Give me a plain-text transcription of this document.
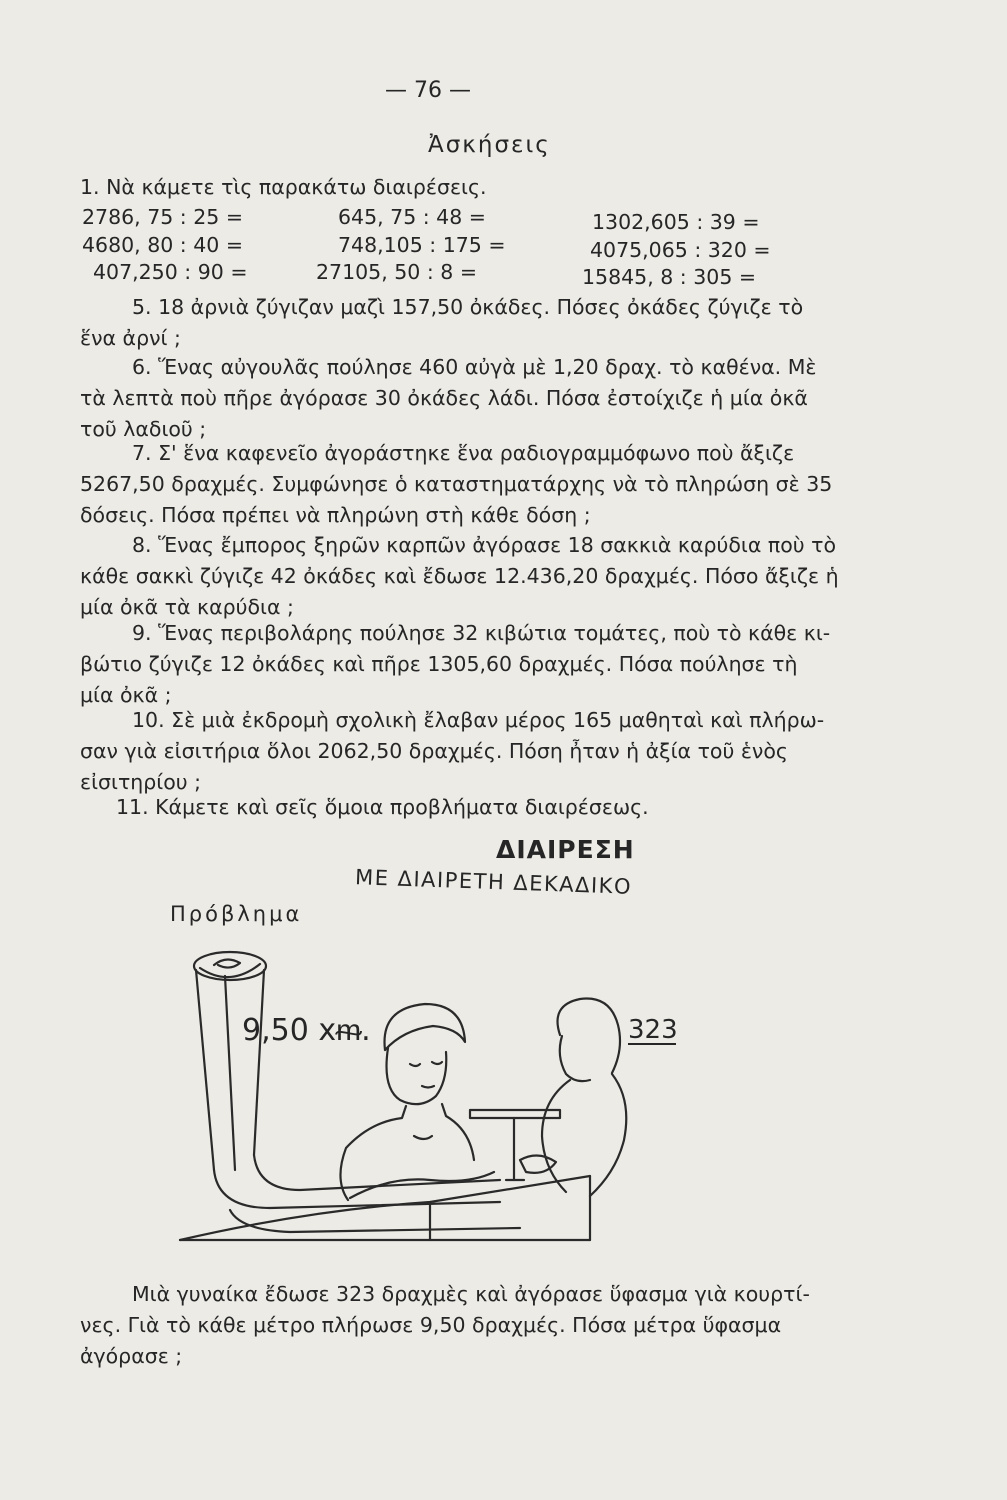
— 76 —
Ἀσκήσεις
1. Νὰ κάμετε τὶς παρακάτω διαιρέσεις.
2786, 75 : 25 =
4680, 80 : 40 =
407,250 : 90 =
645, 75 : 48 =
748,105 : 175 =
27105, 50 : 8 =
1302,605 : 39 =
4075,065 : 320 =
15845, 8 : 305 =
5. 18 ἀρνιὰ ζύγιζαν μαζὶ 157,50 ὀκάδες. Πόσες ὀκάδες ζύγιζε τὸ
ἕνα ἀρνί ;
6. Ἕνας αὐγουλᾶς πούλησε 460 αὐγὰ μὲ 1,20 δραχ. τὸ καθένα. Μὲ
τὰ λεπτὰ ποὺ πῆρε ἀγόρασε 30 ὀκάδες λάδι. Πόσα ἐστοίχιζε ἡ μία ὀκᾶ
τοῦ λαδιοῦ ;
7. Σ' ἕνα καφενεῖο ἀγοράστηκε ἕνα ραδιογραμμόφωνο ποὺ ἄξιζε
5267,50 δραχμές. Συμφώνησε ὁ καταστηματάρχης νὰ τὸ πληρώση σὲ 35
δόσεις. Πόσα πρέπει νὰ πληρώνη στὴ κάθε δόση ;
8. Ἕνας ἔμπορος ξηρῶν καρπῶν ἀγόρασε 18 σακκιὰ καρύδια ποὺ τὸ
κάθε σακκὶ ζύγιζε 42 ὀκάδες καὶ ἔδωσε 12.436,20 δραχμές. Πόσο ἄξιζε ἡ
μία ὀκᾶ τὰ καρύδια ;
9. Ἕνας περιβολάρης πούλησε 32 κιβώτια τομάτες, ποὺ τὸ κάθε κι-
βώτιο ζύγιζε 12 ὀκάδες καὶ πῆρε 1305,60 δραχμές. Πόσα πούλησε τὴ
μία ὀκᾶ ;
10. Σὲ μιὰ ἐκδρομὴ σχολικὴ ἔλαβαν μέρος 165 μαθηταὶ καὶ πλήρω-
σαν γιὰ εἰσιτήρια ὅλοι 2062,50 δραχμές. Πόση ἦταν ἡ ἀξία τοῦ ἑνὸς
εἰσιτηρίου ;
11. Κάμετε καὶ σεῖς ὅμοια προβλήματα διαιρέσεως.
ΔΙΑΙΡΕΣΗ
ΜΕ ΔΙΑΙΡΕΤΗ ΔΕΚΑΔΙΚΟ
Πρόβλημα
9,50 xᵯ.	323
Μιὰ γυναίκα ἔδωσε 323 δραχμὲς καὶ ἀγόρασε ὕφασμα γιὰ κουρτί-
νες. Γιὰ τὸ κάθε μέτρο πλήρωσε 9,50 δραχμές. Πόσα μέτρα ὕφασμα
ἀγόρασε ;
